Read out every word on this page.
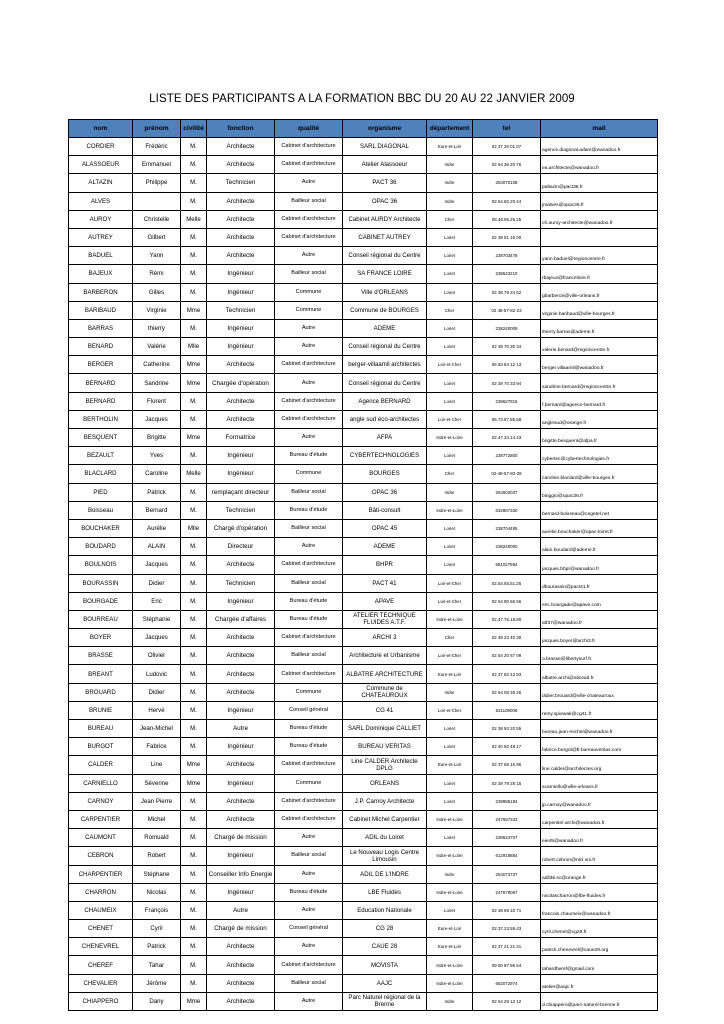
LISTE DES PARTICIPANTS A LA FORMATION BBC DU 20 AU 22 JANVIER 2009
nom	prénom	civilité	fonction	qualité	organisme	département	tel	mail
CORDIER	Frédéric	M.	Architecte	Cabinet d'architecture	SARL DIAGONAL	Eure-et-Loir	02 37 30 01 07	agence.diagonal.adam@wanadoo.fr
ALASSOEUR	Emmanuel	M.	Architecte	Cabinet d'architecture	Atelier Alassoeur	Indre	02 54 36 20 76	ea.architecte@wanadoo.fr
ALTAZIN	Philippe	M.	Technicien	Autre	PACT 36	Indre	254070108	paltazin@pact36.fr
ALVES		M.	Architecte	Bailleur social	OPAC 36	Indre	02.54.60.20.44	jmalves@opac36.fr
AUROY	Christelle	Melle	Architecte	Cabinet d'architecture	Cabinet AURDY Architecte	Cher	08.48.96.26.25	ch.auroy-architecte@wanadoo.fr
AUTREY	Gilbert	M.	Architecte	Cabinet d'architecture	CABINET AUTREY	Loiret	02 38 51 16 00	
BADUEL	Yann	M.	Architecte	Autre	Conseil régional du Centre	Loiret	238703478	yann.baduel@regioncentre.fr
BAJEUX	Rémi	M.	Ingénieur	Bailleur social	SA FRANCE LOIRE	Loiret	238543210	rbajeux@franceloire.fr
BARBERON	Gilles	M.	Ingénieur	Commune	Ville d'ORLEANS	Loiret	02 38 79 24 62	gbarberon@ville-orleans.fr
BARIBAUD	Virginie	Mme	Technicien	Commune	Commune de BOURGES	Cher	02 48-57-82-23	virginie.baribaud@ville-bourges.fr
BARRAS	thierry	M.	Ingénieur	Autre	ADEME	Loiret	238240009	thierry.barras@ademe.fr
BENARD	Valérie	Mlle	Ingénieur	Autre	Conseil régional du Centre	Loiret	02 38 70 30 34	valerie.benard@regioncentre.fr
BERGER	Catherine	Mme	Architecte	Cabinet d'architecture	berger-villaamil architectes	Loir-et-Cher	06 83 84 12 13	berger.villaamil@wanadoo.fr
BERNARD	Sandrine	Mme	Chargée d'opération	Autre	Conseil régional du Centre	Loiret	02 38 70 33 94	sandrine.bernard@regioncentre.fr
BERNARD	Florent	M.	Architecte	Cabinet d'architecture	Agence BERNARD	Loiret	238627815	f.bernard@agence-bernard.fr
BERTHOLIN	Jacques	M.	Architecte	Cabinet d'architecture	angle sud éco-architectes	Loir-et-Cher	06.73.87.85.58	anglesud@orange.fr
BESQUENT	Brigitte	Mme	Formatrice	Autre	AFPA	Indre-et-Loire	02.47.34.14.43	brigitte.besquent@afpa.fr
BEZAULT	Yves	M.	Ingénieur	Bureau d'étude	CYBERTECHNOLOGIES	Loiret	238772800	cybertec@cybertechnologies.fr
BLACLARD	Caroline	Melle	Ingénieur	Commune	BOURGES	Cher	02-48-57-82-29	caroline.blaclard@ville-bourges.fr
PIED	Patrick	M.	remplaçant directeur	Bailleur social	OPAC 36	Indre	254602037	bloggio@opac36.fr
Boisseau	Bernard	M.	Technicien	Bureau d'étude	Bâti-consult	Indre-et-Loire	632867330	bernard-boisseau@cegetel.net
BOUCHAKER	Aurélie	Mlle	Chargé d'opération	Bailleur social	OPAC 45	Loiret	238704495	aurelie.bouchaker@opac-loiret.fr
BOUDARD	ALAIN	M.	Directeur	Autre	ADEME	Loiret	238240000	alain.boudard@ademe.fr
BOULNOIS	Jacques	M.	Architecte	Cabinet d'architecture	BHPR	Loiret	681027684	jacques.bhpr@wanadoo.fr
BOURASSIN	Didier	M.	Technicien	Bailleur social	PACT 41	Loir-et-Cher	02.54.55.51.25	dbourassin@pact41.fr
BOURGADE	Eric	M.	Ingénieur	Bureau d'étude	APAVE	Loir-et-Cher	02 54 90 56 56	eric.bourgade@apave.com
BOURREAU	Stéphanie	M.	Chargée d'affaires	Bureau d'étude	ATELIER TECHNIQUE FLUIDES A.T.F.	Indre-et-Loire	02.47.76.18.80	atf37@wanadoo.fr
BOYER	Jacques	M.	Architecte	Cabinet d'architecture	ARCHI 3	Cher	02 48 23 40 30	jacques.boyer@archi3.fr
BRASSE	Olivier	M.	Architecte	Bailleur social	Architecture et Urbanisme	Loir-et-Cher	02 54 20 67 09	o.brasse@libertysurf.fr
BREANT	Ludovic	M.	Architecte	Cabinet d'architecture	ALBATRE ARCHITECTURE	Eure-et-Loir	02 37 82 43 93	albatre.archi@alicead.fr
BROUARD	Didier	M.	Architecte	Commune	Commune de CHATEAUROUX	Indre	02 54 08 35 26	didier.brouard@ville-chateauroux
BRUNIE	Hervé	M.	Ingénieur	Conseil général	CG 41	Loir-et-Cher	621109009	remy.spiewak@cg41.fr
BUREAU	Jean-Michel	M.	Autre	Bureau d'étude	SARL Dominique CALLIET	Loiret	02 38 93 20 55	bureau.jean-michel@wanadoo.fr
BURGOT	Fabrice	M.	Ingénieur	Bureau d'étude	BUREAU VERITAS	Loiret	02 40 92 48 17	fabrice.burgot@fr.bureauveritas.com
CALDER	Line	Mme	Architecte	Cabinet d'architecture	Line CALDER Architecte DPLG	Eure-et-Loir	02 37 65 15 96	line.calder@architectes.org
CARNIELLO	Séverine	Mme	Ingénieur	Commune	ORLEANS	Loiret	02 38 79 28 15	scarniello@ville-orleans.fr
CARNOY	Jean Pierre	M.	Architecte	Cabinet d'architecture	J.P. Carnoy Architecte	Loiret	238985184	jp.carnoy@wanadoo.fr
CARPENTIER	Michel	M.	Architecte	Cabinet d'architecture	Cabinet Michel Carpentier	Indre-et-Loire	247657333	carpentier.archi@wanadoo.fr
CAUMONT	Romuald	M.	Chargé de mission	Autre	ADIL du Loiret	Loiret	238624707	eie45@wanadoo.fr
CEBRON	Robert	M.	Ingénieur	Bailleur social	Le Nouveau Logis Centre Limousin	Indre-et-Loire	612918884	robert.cebron@nlcl.sni.fr
CHARPENTIER	Stéphane	M.	Conseiller Info Energie	Autre	ADIL DE L'INDRE	Indre	254073737	adil36.sc@orange.fr
CHARRON	Nicolas	M.	Ingénieur	Bureau d'étude	LBE Fluides	Indre-et-Loire	247678067	nicolascharron@lbe-fluides.fr
CHAUMEIX	François	M.	Autre	Autre	Education Nationale	Loiret	02 38 69 10 71	francois.chaumeix@wanadoo.fr
CHENET	Cyril	M.	Chargé de mission	Conseil général	CG 28	Eure-et-Loir	02.37.23.59.43	cyril.chenet@cg28.fr
CHENEVREL	Patrick	M.	Architecte	Autre	CAUE 28	Eure-et-Loir	02 37 21 21 31	patrick.chenevrel@caue28.org
CHEREF	Tahar	M.	Architecte	Cabinet d'architecture	MOVISTA	Indre-et-Loire	09 50 87 96 54	tahardheref@gmail.com
CHEVALIER	Jérôme	M.	Architecte	Bailleur social	AAJC	Indre-et-Loire	662072974	atelier@aajc.fr
CHIAPPERO	Dany	Mme	Architecte	Autre	Parc Naturel régional de la Brenne	Indre	02 54 28 12 12	d.chiappero@parc-naturel-brenne.fr
